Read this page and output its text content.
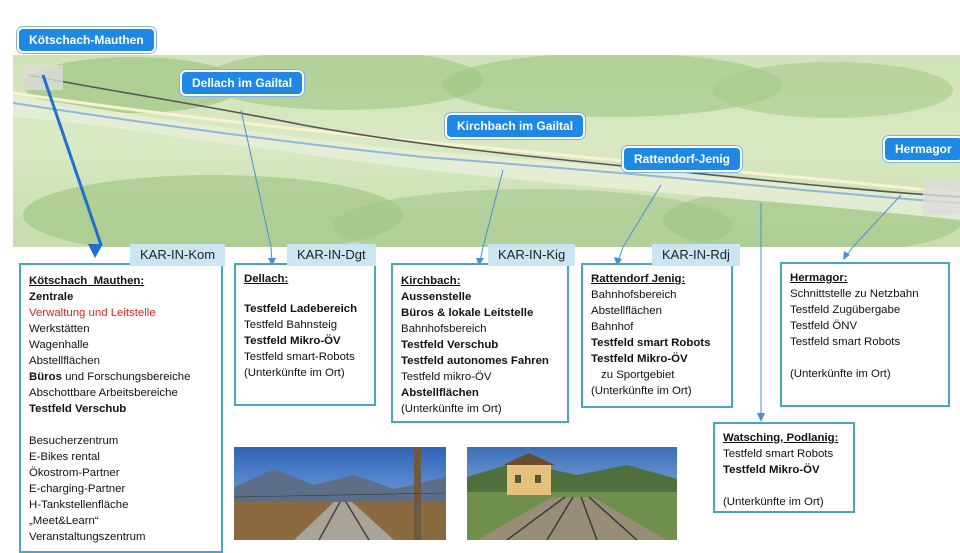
Kötschach-Mauthen
Dellach im Gailtal
Kirchbach im Gailtal
Rattendorf-Jenig
Hermagor
Kötschach_Mauthen:
Zentrale
Verwaltung und Leitstelle
Werkstätten
Wagenhalle
Abstellflächen
Büros und Forschungsbereiche
Abschottbare Arbeitsbereiche
Testfeld Verschub
Besucherzentrum
E-Bikes rental
Ökostrom-Partner
E-charging-Partner
H-Tankstellenfläche
„Meet&Learn“
Veranstaltungszentrum
KAR-IN-Kom
Dellach:
Testfeld Ladebereich
Testfeld Bahnsteig
Testfeld Mikro-ÖV
Testfeld smart-Robots
(Unterkünfte im Ort)
KAR-IN-Dgt
Kirchbach:
Aussenstelle
Büros & lokale Leitstelle
Bahnhofsbereich
Testfeld Verschub
Testfeld autonomes Fahren
Testfeld mikro-ÖV
Abstellflächen
(Unterkünfte im Ort)
KAR-IN-Kig
Rattendorf Jenig:
Bahnhofsbereich
Abstellflächen
Bahnhof
Testfeld smart Robots
Testfeld Mikro-ÖV
zu Sportgebiet
(Unterkünfte im Ort)
KAR-IN-Rdj
Hermagor:
Schnittstelle zu Netzbahn
Testfeld Zugübergabe
Testfeld ÖNV
Testfeld smart Robots
(Unterkünfte im Ort)
Watsching, Podlanig:
Testfeld smart Robots
Testfeld Mikro-ÖV
(Unterkünfte im Ort)
